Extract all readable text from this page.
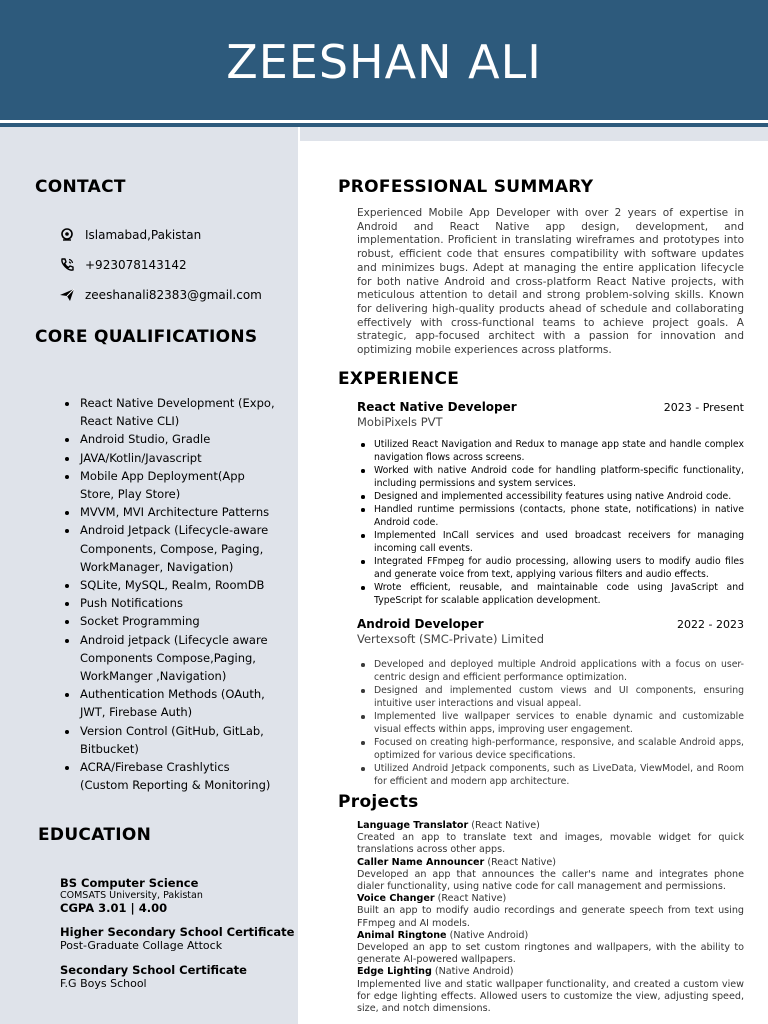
ZEESHAN ALI
CONTACT
Islamabad,Pakistan
+923078143142
zeeshanali82383@gmail.com
CORE QUALIFICATIONS
React Native Development (Expo, React Native CLI)
Android Studio, Gradle
JAVA/Kotlin/Javascript
Mobile App Deployment(App Store, Play Store)
MVVM, MVI Architecture Patterns
Android Jetpack (Lifecycle-aware Components, Compose, Paging, WorkManager, Navigation)
SQLite, MySQL, Realm, RoomDB
Push Notifications
Socket Programming
Android jetpack (Lifecycle aware Components Compose,Paging, WorkManger ,Navigation)
Authentication Methods (OAuth, JWT, Firebase Auth)
Version Control (GitHub, GitLab, Bitbucket)
ACRA/Firebase Crashlytics (Custom Reporting & Monitoring)
EDUCATION
BS Computer Science
COMSATS University, Pakistan
CGPA 3.01 | 4.00
Higher Secondary School Certificate
Post-Graduate Collage Attock
Secondary School Certificate
F.G Boys School
PROFESSIONAL SUMMARY
Experienced Mobile App Developer with over 2 years of expertise in Android and React Native app design, development, and implementation. Proficient in translating wireframes and prototypes into robust, efficient code that ensures compatibility with software updates and minimizes bugs. Adept at managing the entire application lifecycle for both native Android and cross-platform React Native projects, with meticulous attention to detail and strong problem-solving skills. Known for delivering high-quality products ahead of schedule and collaborating effectively with cross-functional teams to achieve project goals. A strategic, app-focused architect with a passion for innovation and optimizing mobile experiences across platforms.
EXPERIENCE
React Native Developer	2023 - Present
MobiPixels PVT
Utilized React Navigation and Redux to manage app state and handle complex navigation flows across screens.
Worked with native Android code for handling platform-specific functionality, including permissions and system services.
Designed and implemented accessibility features using native Android code.
Handled runtime permissions (contacts, phone state, notifications) in native Android code.
Implemented InCall services and used broadcast receivers for managing incoming call events.
Integrated FFmpeg for audio processing, allowing users to modify audio files and generate voice from text, applying various filters and audio effects.
Wrote efficient, reusable, and maintainable code using JavaScript and TypeScript for scalable application development.
Android Developer	2022 - 2023
Vertexsoft (SMC-Private) Limited
Developed and deployed multiple Android applications with a focus on user-centric design and efficient performance optimization.
Designed and implemented custom views and UI components, ensuring intuitive user interactions and visual appeal.
Implemented live wallpaper services to enable dynamic and customizable visual effects within apps, improving user engagement.
Focused on creating high-performance, responsive, and scalable Android apps, optimized for various device specifications.
Utilized Android Jetpack components, such as LiveData, ViewModel, and Room for efficient and modern app architecture.
Projects
Language Translator (React Native)
Created an app to translate text and images, movable widget for quick translations across other apps.
Caller Name Announcer (React Native)
Developed an app that announces the caller's name and integrates phone dialer functionality, using native code for call management and permissions.
Voice Changer (React Native)
Built an app to modify audio recordings and generate speech from text using FFmpeg and AI models.
Animal Ringtone (Native Android)
Developed an app to set custom ringtones and wallpapers, with the ability to generate AI-powered wallpapers.
Edge Lighting (Native Android)
Implemented live and static wallpaper functionality, and created a custom view for edge lighting effects. Allowed users to customize the view, adjusting speed, size, and notch dimensions.
